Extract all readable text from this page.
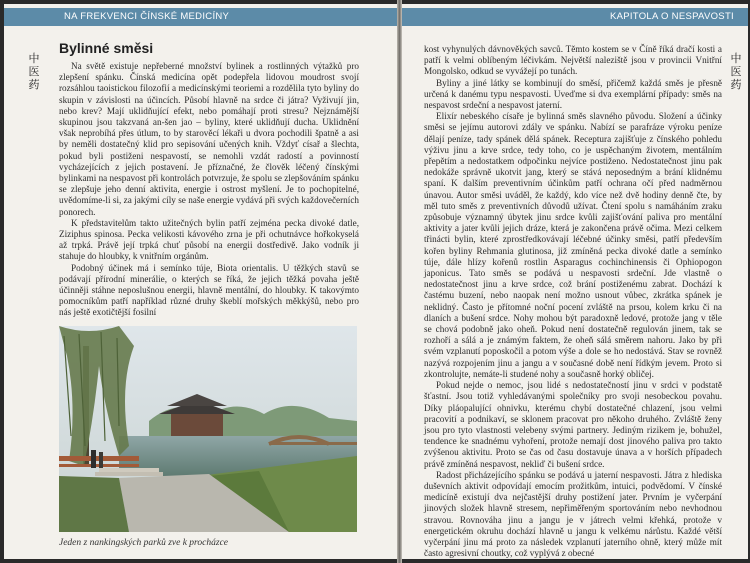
NA FREKVENCI ČÍNSKÉ MEDICÍNY
中
医
药
Bylinné směsi

Na světě existuje nepřeberné množství bylinek a rostlinných výtažků pro zlepšení spánku. Čínská medicína opět podepřela lidovou moudrost svojí rozsáhlou taoistickou filozofií a medicínskými teoriemi a rozdělila tyto byliny do skupin v závislosti na účincích. Působí hlavně na srdce či játra? Vyživují jin, nebo krev? Mají uklidňující efekt, nebo pomáhají proti stresu? Nejznámější skupinou jsou takzvaná an-šen jao – byliny, které uklidňují ducha. Uklidnění však neprobíhá přes útlum, to by starověcí lékaři u dvora pochodili špatně a asi by neměli dostatečný klid pro sepisování učených knih. Vždyť císař a šlechta, pokud byli postiženi nespavostí, se nemohli vzdát radostí a povinností vycházejících z jejich postavení. Je příznačné, že člověk léčený čínskými bylinkami na nespavost při kontrolách potvrzuje, že spolu se zlepšováním spánku se zlepšuje jeho denní aktivita, energie i ostrost myšlení. Je to pochopitelné, uvědomíme-li si, za jakými cíly se naše energie vydává při svých každovečerních ponorech.

K představitelům takto užitečných bylin patří zejména pecka divoké datle, Ziziphus spinosa. Pecka velikosti kávového zrna je při ochutnávce hořkokyselá až trpká. Právě její trpká chuť působí na energii dostředivě. Jako vodník ji stahuje do hloubky, k vnitřním orgánům.

Podobný účinek má i semínko túje, Biota orientalis. U těžkých stavů se podávají přírodní minerálie, o kterých se říká, že jejich těžká povaha ještě účinněji stáhne neposlušnou energii, hlavně mentální, do hloubky. K takovýmto pomocníkům patří například různé druhy škeblí mořských měkkýšů, nebo pro nás ještě exotičtější fosilní

Jeden z nankingských parků zve k procházce
KAPITOLA O NESPAVOSTI
中
医
药

kost vyhynulých dávnověkých savců. Těmto kostem se v Číně říká dračí kosti a patří k velmi oblíbeným léčivkám. Největší naleziště jsou v provincii Vnitřní Mongolsko, odkud se vyvážejí po tunách.

Byliny a jiné látky se kombinují do směsí, přičemž každá směs je přesně určená k danému typu nespavosti. Uveďme si dva exemplární případy: směs na nespavost srdeční a nespavost jaterní.

Elixír nebeského císaře je bylinná směs slavného původu. Složení a účinky směsi se jejímu autorovi zdály ve spánku. Nabízí se parafráze výroku peníze dělají peníze, tady spánek dělá spánek. Receptura zajišťuje z čínského pohledu výživu jinu a krve srdce, tedy toho, co je uspěchaným životem, mentálním přepětím a nedostatkem odpočinku nejvíce postiženo. Nedostatečnost jinu pak nedokáže správně ukotvit jang, který se stává neposedným a brání klidnému spaní. K dalším preventivním účinkům patří ochrana očí před nadměrnou únavou. Autor směsi uváděl, že každý, kdo více než dvě hodiny denně čte, by měl tuto směs z preventivních důvodů užívat. Čtení spolu s namáháním zraku způsobuje významný úbytek jinu srdce kvůli zajišťování paliva pro mentální aktivity a jater kvůli jejich dráze, která je zakončena právě očima. Mezi celkem třinácti bylin, které zprostředkovávají léčebné účinky směsi, patří především kořen byliny Rehmania glutinosa, již zmíněná pecka divoké datle a semínko túje, dále hlízy kořenů rostlin Asparagus cochinchinensis či Ophiopogon japonicus. Tato směs se podává u nespavosti srdeční. Jde vlastně o nedostatečnost jinu a krve srdce, což brání postiženému zabrat. Dochází k častému buzení, nebo naopak není možno usnout vůbec, zkrátka spánek je neklidný. Často je přítomné noční pocení zvláště na prsou, kolem krku či na dlaních a bušení srdce. Nohy mohou být paradoxně ledové, protože jang v těle se chová podobně jako oheň. Pokud není dostatečně regulován jinem, tak se rozhoří a sálá a je známým faktem, že oheň sálá směrem nahoru. Jako by při svém vzplanutí poposkočil a potom výše a dole se ho nedostává. Stav se rovněž nazývá rozpojením jinu a jangu a v současné době není řídkým jevem. Proto si zkontrolujte, nemáte-li studené nohy a současně horký obličej.

Pokud nejde o nemoc, jsou lidé s nedostatečností jinu v srdci v podstatě šťastní. Jsou totiž vyhledávanými společníky pro svoji nesobeckou povahu. Díky pláopalující ohnivku, kterému chybí dostatečné chlazení, jsou velmi pracovití a podnikaví, se sklonem pracovat pro někoho druhého. Zvláště ženy jsou pro tyto vlastnosti velebeny svými partnery. Jediným rizikem je, bohužel, tendence ke snadnému vyhoření, protože nemají dost jinového paliva pro takto zvýšenou aktivitu. Proto se čas od času dostavuje únava a v horších případech právě zmíněná nespavost, nekliď či bušení srdce.

Radost přicházejícího spánku se podává u jaterní nespavosti. Játra z hlediska duševních aktivit odpovídají emocím prožitkům, intuici, podvědomí. V čínské medicíně existují dva nejčastější druhy postižení jater. Prvním je vyčerpání jinových složek hlavně stresem, nepřiměřeným sportováním nebo nevhodnou stravou. Rovnováha jinu a jangu je v játrech velmi křehká, protože v energetickém okruhu dochází hlavně u jangu k velkému nárůstu. Každé větší vyčerpání jinu má proto za následek vzplanutí jaterního ohně, který může mít často agresivní choutky, což vyplývá z obecné
